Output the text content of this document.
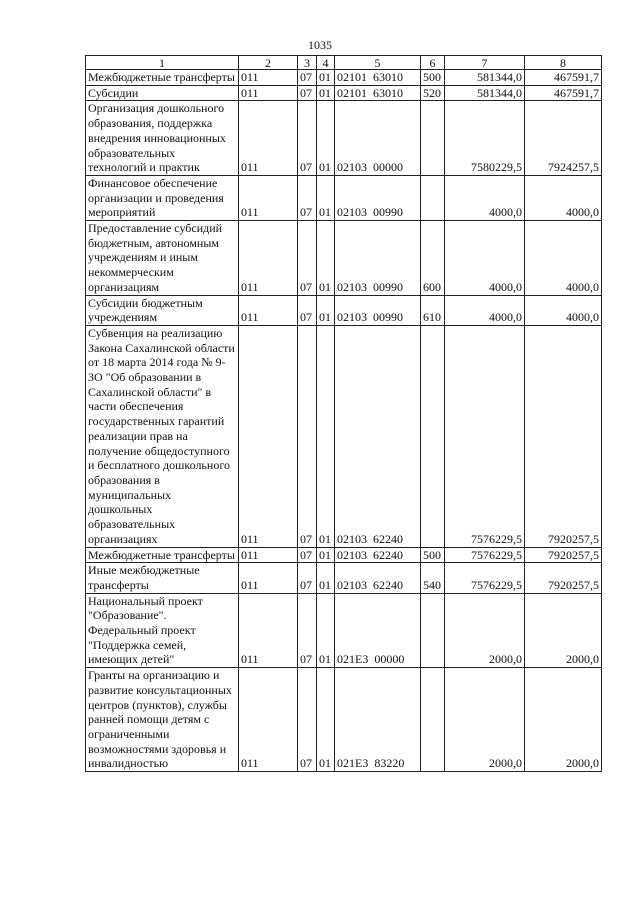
1035
1	2	3	4	5	6	7	8
Межбюджетные трансферты	011	07	01	02101  63010	500	581344,0	467591,7
Субсидии	011	07	01	02101  63010	520	581344,0	467591,7
Организация дошкольного образования, поддержка внедрения инновационных образовательных технологий и практик	011	07	01	02103  00000		7580229,5	7924257,5
Финансовое обеспечение организации и проведения мероприятий	011	07	01	02103  00990		4000,0	4000,0
Предоставление субсидий бюджетным, автономным учреждениям и иным некоммерческим организациям	011	07	01	02103  00990	600	4000,0	4000,0
Субсидии бюджетным учреждениям	011	07	01	02103  00990	610	4000,0	4000,0
Субвенция на реализацию Закона Сахалинской области от 18 марта 2014 года № 9-ЗО "Об образовании в Сахалинской области" в части обеспечения государственных гарантий реализации прав на получение общедоступного и бесплатного дошкольного образования в муниципальных дошкольных образовательных организациях	011	07	01	02103  62240		7576229,5	7920257,5
Межбюджетные трансферты	011	07	01	02103  62240	500	7576229,5	7920257,5
Иные межбюджетные трансферты	011	07	01	02103  62240	540	7576229,5	7920257,5
Национальный проект "Образование". Федеральный проект "Поддержка семей, имеющих детей"	011	07	01	021E3  00000		2000,0	2000,0
Гранты на организацию и развитие консультационных центров (пунктов), службы ранней помощи детям с ограниченными возможностями здоровья и инвалидностью	011	07	01	021E3  83220		2000,0	2000,0
